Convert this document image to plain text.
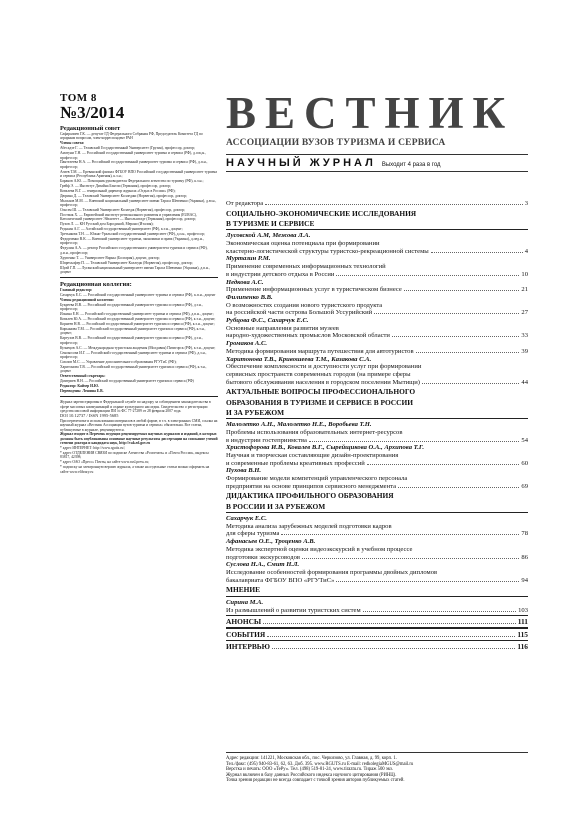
ТОМ 8
№3/2014
Редакционный совет

Сафаралиев Г.К. — депутат ГД Федерального Собрания РФ, Председатель Комитета ГД по аграрным вопросам, член-корреспондент РАН

Члены совета:

Абесадзе Г. — Телавский Государственный Университет (Грузия), профессор, доктор;

Аматуни Т.Н. — Российский государственный университет туризма и сервиса (РФ), д.соц.н., профессор;

Пантелеева Н.А. — Российский государственный университет туризма и сервиса (РФ), д.п.н., профессор;

Агиев Т.М. — Ереванский филиал ФГБОУ ВПО Российский государственный университет туризма и сервиса (Республика Армения), к.э.н.;

Баранов А.Ю. — Помощник руководителя Федерального агентства по туризму (РФ), к.э.н.;

Грейф Э. — Институт Дизайна Бэнтли (Германия), профессор, доктор;

Ковалева В.Г. — генеральный директор журнала «Отдых в России» (РФ);

Дюрина Д. — Телавский Университет Колледжи (Норвегия), профессор, доктор;

Мыськов М.М. — Киевский национальный университет имени Тараса Шевченко (Украина), д.ю.н., профессор;

Ольсен Ш. — Телавский Университет Колледж (Норвегия), профессор, доктор;

Постмак Х. — Европейский институт регионального развития и управления (EURAC), Католический университет Эйхштетт — Ингольштадт (Германия), профессор, доктор;

Пухов Л. — КН Русский дом Бородиной, Мерано (Италия);

Редькин А.Г. — Алтайский государственный университет (РФ), к.т.н., доцент;

Третьякова Т.Н. — Южно-Уральский государственный университет (РФ), д.п.н., профессор;

Федорченко В.К. — Киевский университет туризма, экономики и права (Украина), д.пед.н., профессор;

Федулин А.А. — ректор Российского государственного университета туризма и сервиса (РФ), д.и.н., профессор;

Хрупенко Т. — Университет Варны (Болгария), доцент, доктор;

Шпрехьофер П. — Телавский Университет Колледж (Норвегия), профессор, доктор;

Шуай Г.П. — Луганский национальный университет имени Тараса Шевченко (Украина), д.п.н., доцент

Редакционная коллегия:

Главный редактор:

Сахарчук Е.С. — Российский государственный университет туризма и сервиса (РФ), к.п.н., доцент

Члены редакционной коллегии:

Букреева И.В. — Российский государственный университет туризма и сервиса (РФ), д.т.н., профессор;

Ильина Е.Н. — Российский государственный университет туризма и сервиса (РФ), д.п.н., доцент;

Ковалев Ю.А. — Российский государственный университет туризма и сервиса (РФ), к.т.н., доцент;

Корнеев Н.В. — Российский государственный университет туризма и сервиса (РФ), к.э.н., доцент;

Кирьянова Т.М. — Российский государственный университет туризма и сервиса (РФ), к.т.н., доцент;

Картузов В.В. — Российский государственный университет туризма и сервиса (РФ), д.т.н., профессор;

Кузнецов А.С. — Международная туристская академия (Молдавия) Пятигорск (РФ), к.т.н., доцент;

Сенокосова И.Г. — Российский государственный университет туризма и сервиса (РФ), д.э.н., профессор;

Смолов М.С. — Управление дополнительного образования РГУТиС (РФ);

Харитонова Т.В. — Российский государственный университет туризма и сервиса (РФ), к.т.н., доцент

Ответственный секретарь:

Дмитриев Н.Н. — Российский государственный университет туризма и сервиса (РФ)

Редактор: Кайзер И.Ю.

Переводчик: Лешина Е.В.

Журнал зарегистрирован в Федеральной службе по надзору за соблюдением законодательства в сфере массовых коммуникаций и охране культурного наследия. Свидетельство о регистрации средства массовой информации ПИ № ФС 77-27289 от 28 февраля 2007 года.

DOI 10.12737 / ISSN 1995-5685

При перепечатке и использовании материалов в любой форме, в т.ч. в электронных СМИ, ссылка на научный журнал «Вестник Ассоциации вузов туризма и сервиса» обязательна. Все статьи, публикуемые в журнале, рецензируются.

Журнал входит в Перечень ведущих рецензируемых научных журналов и изданий, в которых должны быть опубликованы основные научные результаты диссертации на соискание ученой степени доктора и кандидата наук, http://vak.ed.gov.ru

* адрес ИНТЕРНЕТ: http://www.rgutis.ru/;

* адрес ОТДЕЛЕНИЯ СВЯЗИ по подписке Агентства «Роспечать» и «Почта России», индексы 83817, 42398;

* адрес ОАО «Пресс» Почты, на сайте www.rusl.press.ru;

* подписку на электронную версию журнала, а также на отдельные статьи можно оформить на сайте www.elibrary.ru

ВЕСТНИК
АССОЦИАЦИИ ВУЗОВ ТУРИЗМА И СЕРВИСА
НАУЧНЫЙ ЖУРНАЛ Выходит 4 раза в год
От редактора	3
СОЦИАЛЬНО-ЭКОНОМИЧЕСКИЕ ИССЛЕДОВАНИЯ
В ТУРИЗМЕ И СЕРВИСЕ
Лусовской А.М, Межова Л.А.
Экономическая оценка потенциала при формировании
кластерно-логистической структуры туристско-рекреационной системы	4
Муртазин Р.М.
Применение современных информационных технологий
в индустрии детского отдыха в России	10
Недкова А.С.
Применение информационных услуг в туристическом бизнесе	21
Филипенко В.В.
О возможностях создания нового туристского продукта
на российской части острова Большой Уссурийский	27
Рубцова Ф.С., Сахарчук Е.С.
Основные направления развития музеев
народно-художественных промыслов Московской области	33
Громаков А.С.
Методика формирования маршрута путешествия для автотуристов	39
Харитонова Т.В., Кривошеева Т.М., Казакова С.А.
Обеспечение комплексности и доступности услуг при формировании
сервисных пространств современных городов (на примере сферы
бытового обслуживания населения в городском поселении Мытищи)	44
АКТУАЛЬНЫЕ ВОПРОСЫ ПРОФЕССИОНАЛЬНОГО
ОБРАЗОВАНИЯ В ТУРИЗМЕ И СЕРВИСЕ В РОССИИ
И ЗА РУБЕЖОМ
Малолетко А.Н., Малолетко Н.Е., Воробьева Т.Н.
Проблемы использования образовательных интернет-ресурсов
в индустрии гостеприимства	54
Христофорова И.В., Ковалев В.Г., Сырейщикова О.А., Архипова Т.Г.
Научная и творческая составляющие дизайн-проектирования
и современные проблемы креативных профессий	60
Пухова В.Н.
Формирование модели компетенций управленческого персонала
предприятия на основе принципов сервисного менеджмента	69
ДИДАКТИКА ПРОФИЛЬНОГО ОБРАЗОВАНИЯ
В РОССИИ И ЗА РУБЕЖОМ
Сахарчук Е.С.
Методика анализа зарубежных моделей подготовки кадров
для сферы туризма	78
Афанасьев О.Е., Троценко А.В.
Методика экспертной оценки видеоэкскурсий в учебном процессе
подготовки экскурсоводов	86
Суслова Н.А., Смит Н.Л.
Исследование особенностей формирования программы двойных дипломов
бакалавриата ФГБОУ ВПО «РГУТиС»	94
МНЕНИЕ
Сирина М.А.
Из размышлений о развитии туристских систем	103
АНОНСЫ	111
СОБЫТИЯ	115
ИНТЕРВЬЮ	116
Адрес редакции: 141221, Московская обл., пос. Черкизово, ул. Главная, д. 99, корп. 1.
Тел./факс: (495) 940-83-61, 62, 63. Доб. 395. www.RGUTS.ru E-mail: redkolegiaMGUS@mail.ru
Верстка и печать: ООО «ТеРу». Тел. (498) 519-81-24, www.tiraztu.ru. Тираж 500 экз.
Журнал включен в базу данных Российского индекса научного цитирования (РИНЦ).
Точка зрения редакции не всегда совпадает с точкой зрения авторов публикуемых статей.
